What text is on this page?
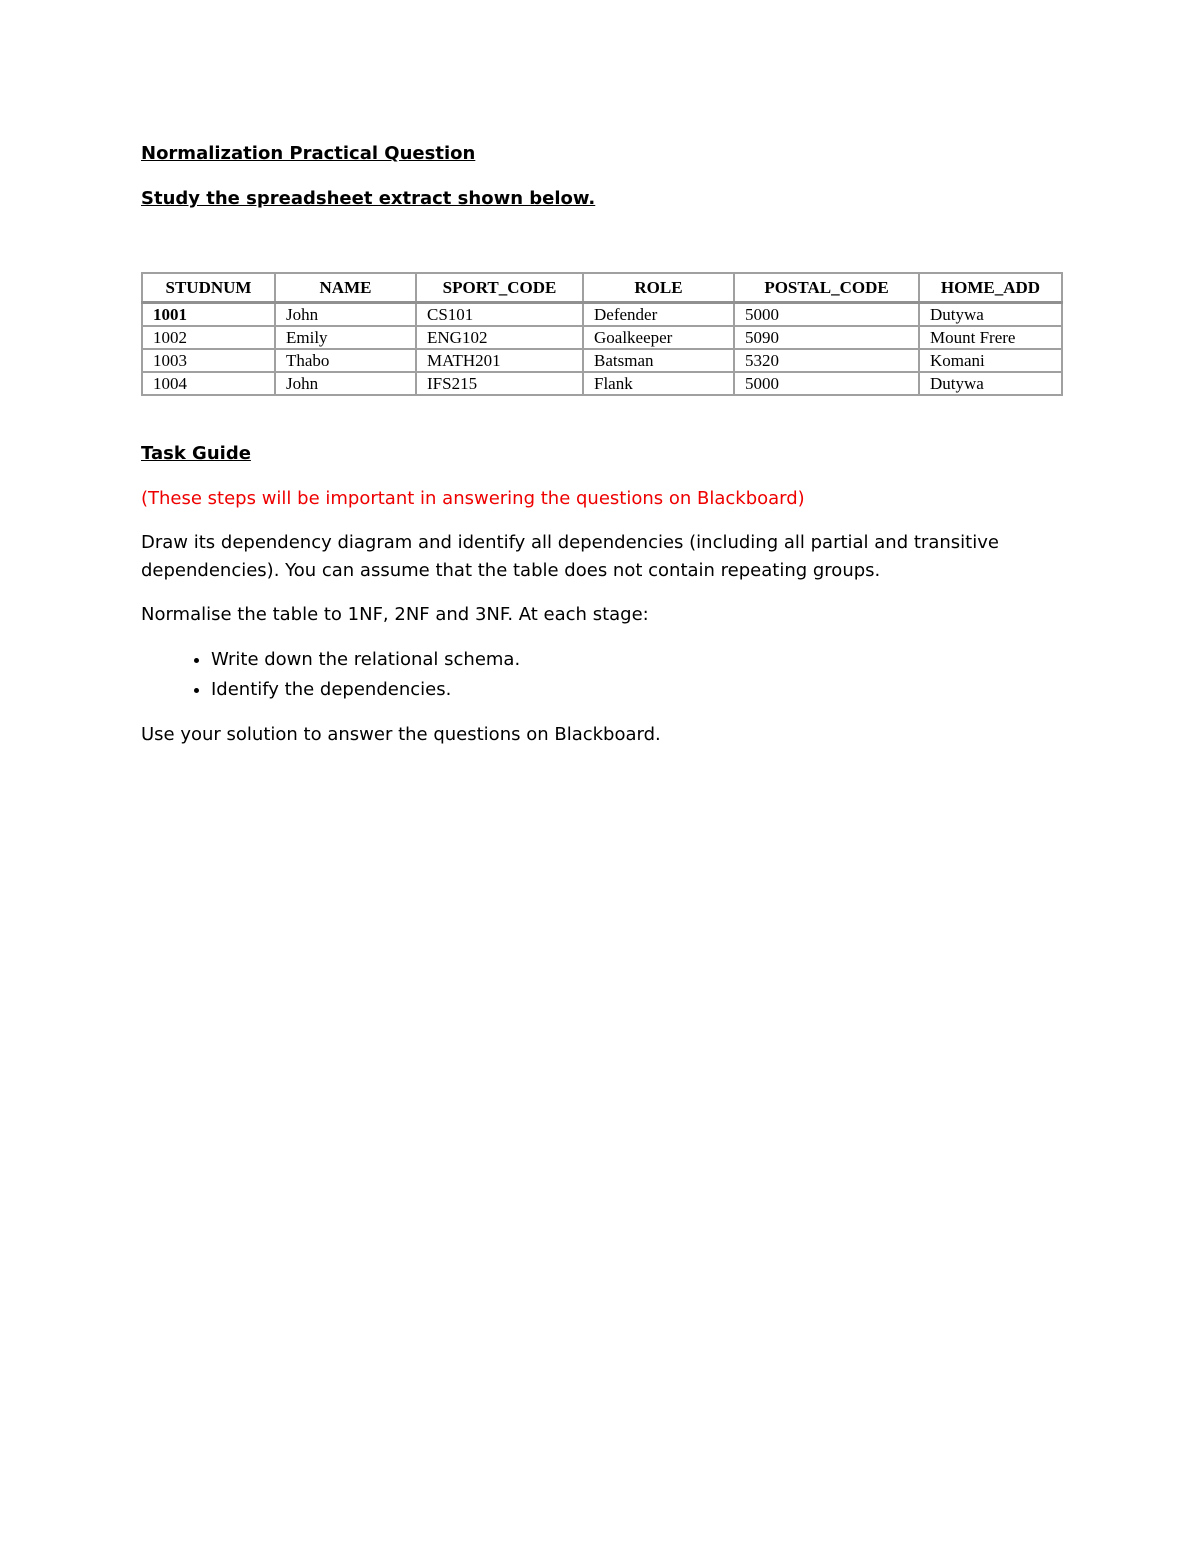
Normalization Practical Question

Study the spreadsheet extract shown below.

STUDNUM	NAME	SPORT_CODE	ROLE	POSTAL_CODE	HOME_ADD
1001	John	CS101	Defender	5000	Dutywa
1002	Emily	ENG102	Goalkeeper	5090	Mount Frere
1003	Thabo	MATH201	Batsman	5320	Komani
1004	John	IFS215	Flank	5000	Dutywa

Task Guide

(These steps will be important in answering the questions on Blackboard)

Draw its dependency diagram and identify all dependencies (including all partial and transitive dependencies). You can assume that the table does not contain repeating groups.

Normalise the table to 1NF, 2NF and 3NF. At each stage:

• Write down the relational schema.
• Identify the dependencies.

Use your solution to answer the questions on Blackboard.
